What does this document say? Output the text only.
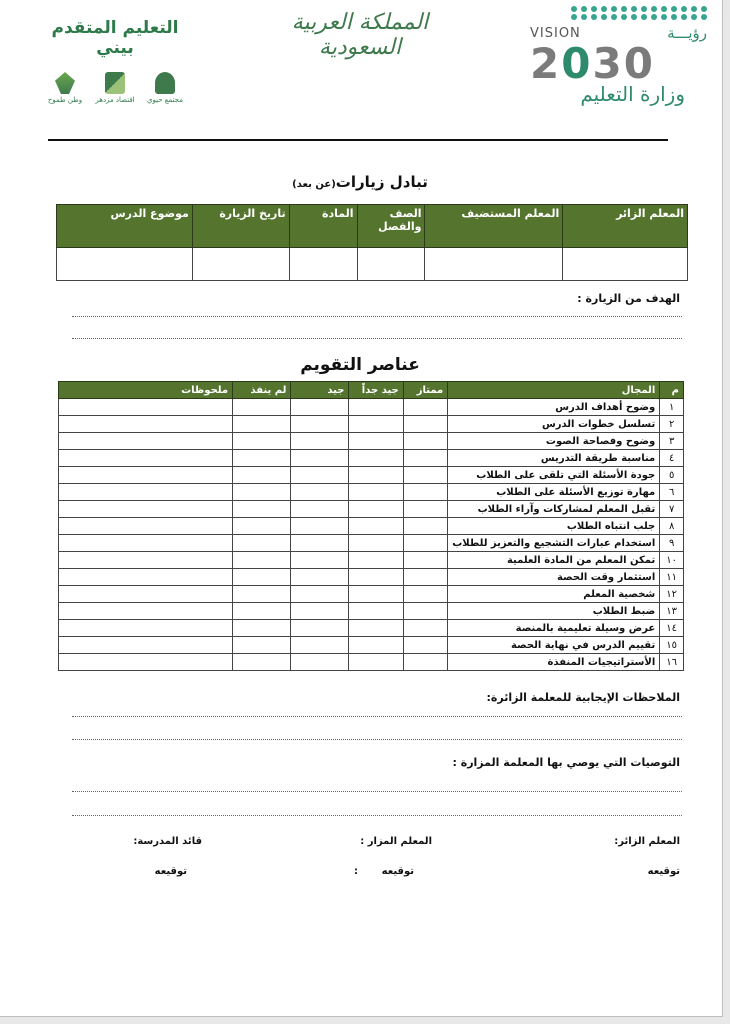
التعليم المتقدم بيني
وطن طموح اقتصاد مزدهر مجتمع حيوي
المملكة العربية السعودية
VISION	رؤيـــة
2030
وزارة التعليم
تبادل زيارات(عن بعد)
المعلم الزائر	المعلم المستضيف	الصف والفصل	المادة	تاريخ الزيارة	موضوع الدرس

الهدف من الزيارة :
عناصر التقويم
م	المجال	ممتاز	جيد جداً	جيد	لم ينفذ	ملحوظات
١	وضوح أهداف الدرس					
٢	تسلسل خطوات الدرس					
٣	وضوح وفصاحة الصوت					
٤	مناسبة طريقة التدريس					
٥	جودة الأسئلة التي تلقى على الطلاب					
٦	مهارة توزيع الأسئلة على الطلاب					
٧	تقبل المعلم لمشاركات وآراء الطلاب					
٨	جلب انتباه الطلاب					
٩	استخدام عبارات التشجيع والتعزيز للطلاب					
١٠	تمكن المعلم من المادة العلمية					
١١	استثمار وقت الحصة					
١٢	شخصية المعلم					
١٣	ضبط الطلاب					
١٤	عرض وسيلة تعليمية بالمنصة					
١٥	تقييم الدرس في نهاية الحصة					
١٦	الأستراتيجيات المنفذة					
الملاحظات الإيجابية للمعلمة الزائرة:
التوصيات التي يوصي بها المعلمة المزارة :
المعلم الزائر:
المعلم المزار :
قائد المدرسة:
توقيعه
توقيعه
:
توقيعه
